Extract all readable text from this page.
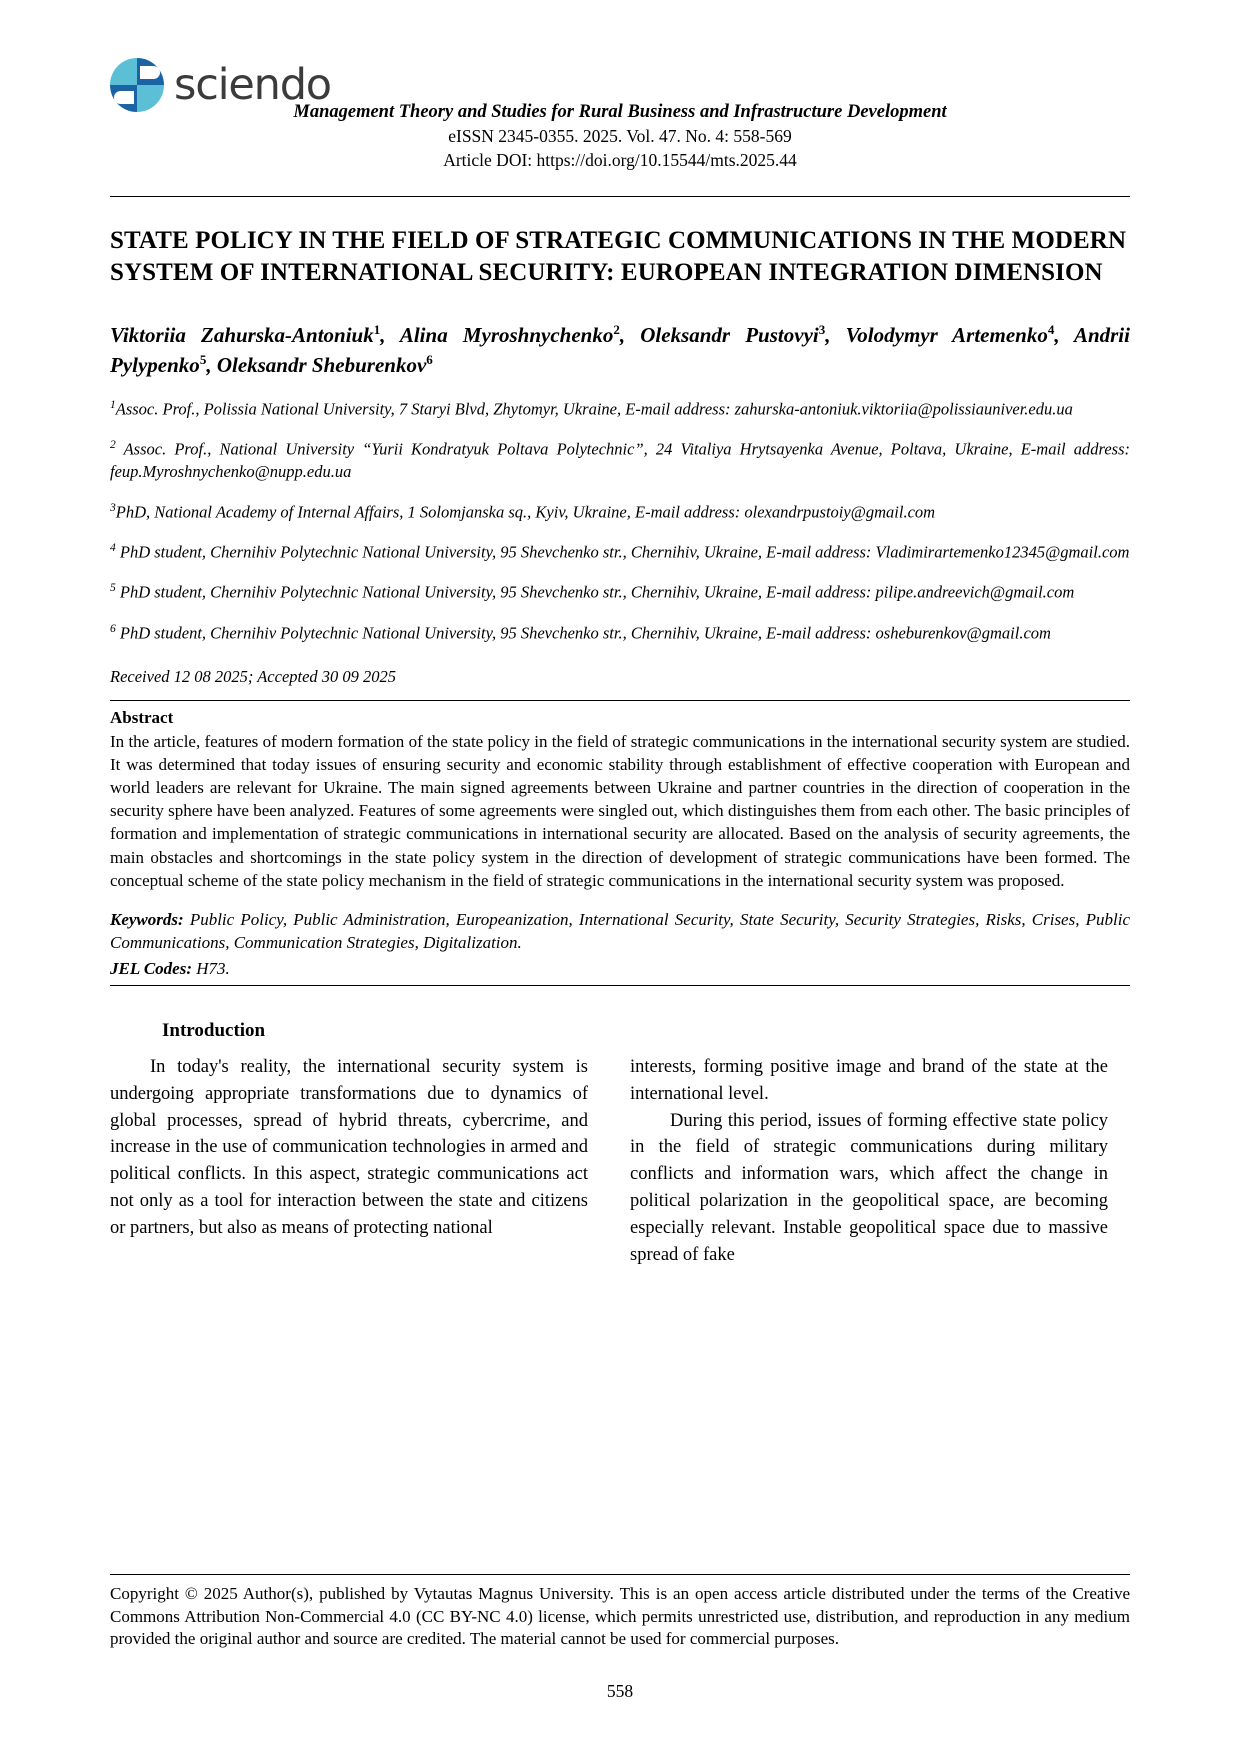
sciendo
Management Theory and Studies for Rural Business and Infrastructure Development
eISSN 2345-0355. 2025. Vol. 47. No. 4: 558-569
Article DOI: https://doi.org/10.15544/mts.2025.44
STATE POLICY IN THE FIELD OF STRATEGIC COMMUNICATIONS IN THE MODERN SYSTEM OF INTERNATIONAL SECURITY: EUROPEAN INTEGRATION DIMENSION
Viktoriia Zahurska-Antoniuk$^1$, Alina Myroshnychenko$^2$, Oleksandr Pustovyi$^3$, Volodymyr Artemenko$^4$, Andrii Pylypenko$^5$, Oleksandr Sheburenkov$^6$
$^1$Assoc. Prof., Polissia National University, 7 Staryi Blvd, Zhytomyr, Ukraine, E-mail address: zahurska-antoniuk.viktoriia@polissiauniver.edu.ua
$^2$ Assoc. Prof., National University “Yurii Kondratyuk Poltava Polytechnic”, 24 Vitaliya Hrytsayenka Avenue, Poltava, Ukraine, E-mail address: feup.Myroshnychenko@nupp.edu.ua
$^3$PhD, National Academy of Internal Affairs, 1 Solomjanska sq., Kyiv, Ukraine, E-mail address: olexandrpustoiy@gmail.com
$^4$ PhD student, Chernihiv Polytechnic National University, 95 Shevchenko str., Chernihiv, Ukraine, E-mail address: Vladimirartemenko12345@gmail.com
$^5$ PhD student, Chernihiv Polytechnic National University, 95 Shevchenko str., Chernihiv, Ukraine, E-mail address: pilipe.andreevich@gmail.com
$^6$ PhD student, Chernihiv Polytechnic National University, 95 Shevchenko str., Chernihiv, Ukraine, E-mail address: osheburenkov@gmail.com
Received 12 08 2025; Accepted 30 09 2025
Abstract
In the article, features of modern formation of the state policy in the field of strategic communications in the international security system are studied. It was determined that today issues of ensuring security and economic stability through establishment of effective cooperation with European and world leaders are relevant for Ukraine. The main signed agreements between Ukraine and partner countries in the direction of cooperation in the security sphere have been analyzed. Features of some agreements were singled out, which distinguishes them from each other. The basic principles of formation and implementation of strategic communications in international security are allocated. Based on the analysis of security agreements, the main obstacles and shortcomings in the state policy system in the direction of development of strategic communications have been formed. The conceptual scheme of the state policy mechanism in the field of strategic communications in the international security system was proposed.
Keywords: Public Policy, Public Administration, Europeanization, International Security, State Security, Security Strategies, Risks, Crises, Public Communications, Communication Strategies, Digitalization.
JEL Codes: H73.
Introduction

In today's reality, the international security system is undergoing appropriate transformations due to dynamics of global processes, spread of hybrid threats, cybercrime, and increase in the use of communication technologies in armed and political conflicts. In this aspect, strategic communications act not only as a tool for interaction between the state and citizens or partners, but also as means of protecting national

interests, forming positive image and brand of the state at the international level.

During this period, issues of forming effective state policy in the field of strategic communications during military conflicts and information wars, which affect the change in political polarization in the geopolitical space, are becoming especially relevant. Instable geopolitical space due to massive spread of fake

Copyright © 2025 Author(s), published by Vytautas Magnus University. This is an open access article distributed under the terms of the Creative Commons Attribution Non-Commercial 4.0 (CC BY-NC 4.0) license, which permits unrestricted use, distribution, and reproduction in any medium provided the original author and source are credited. The material cannot be used for commercial purposes.
558
